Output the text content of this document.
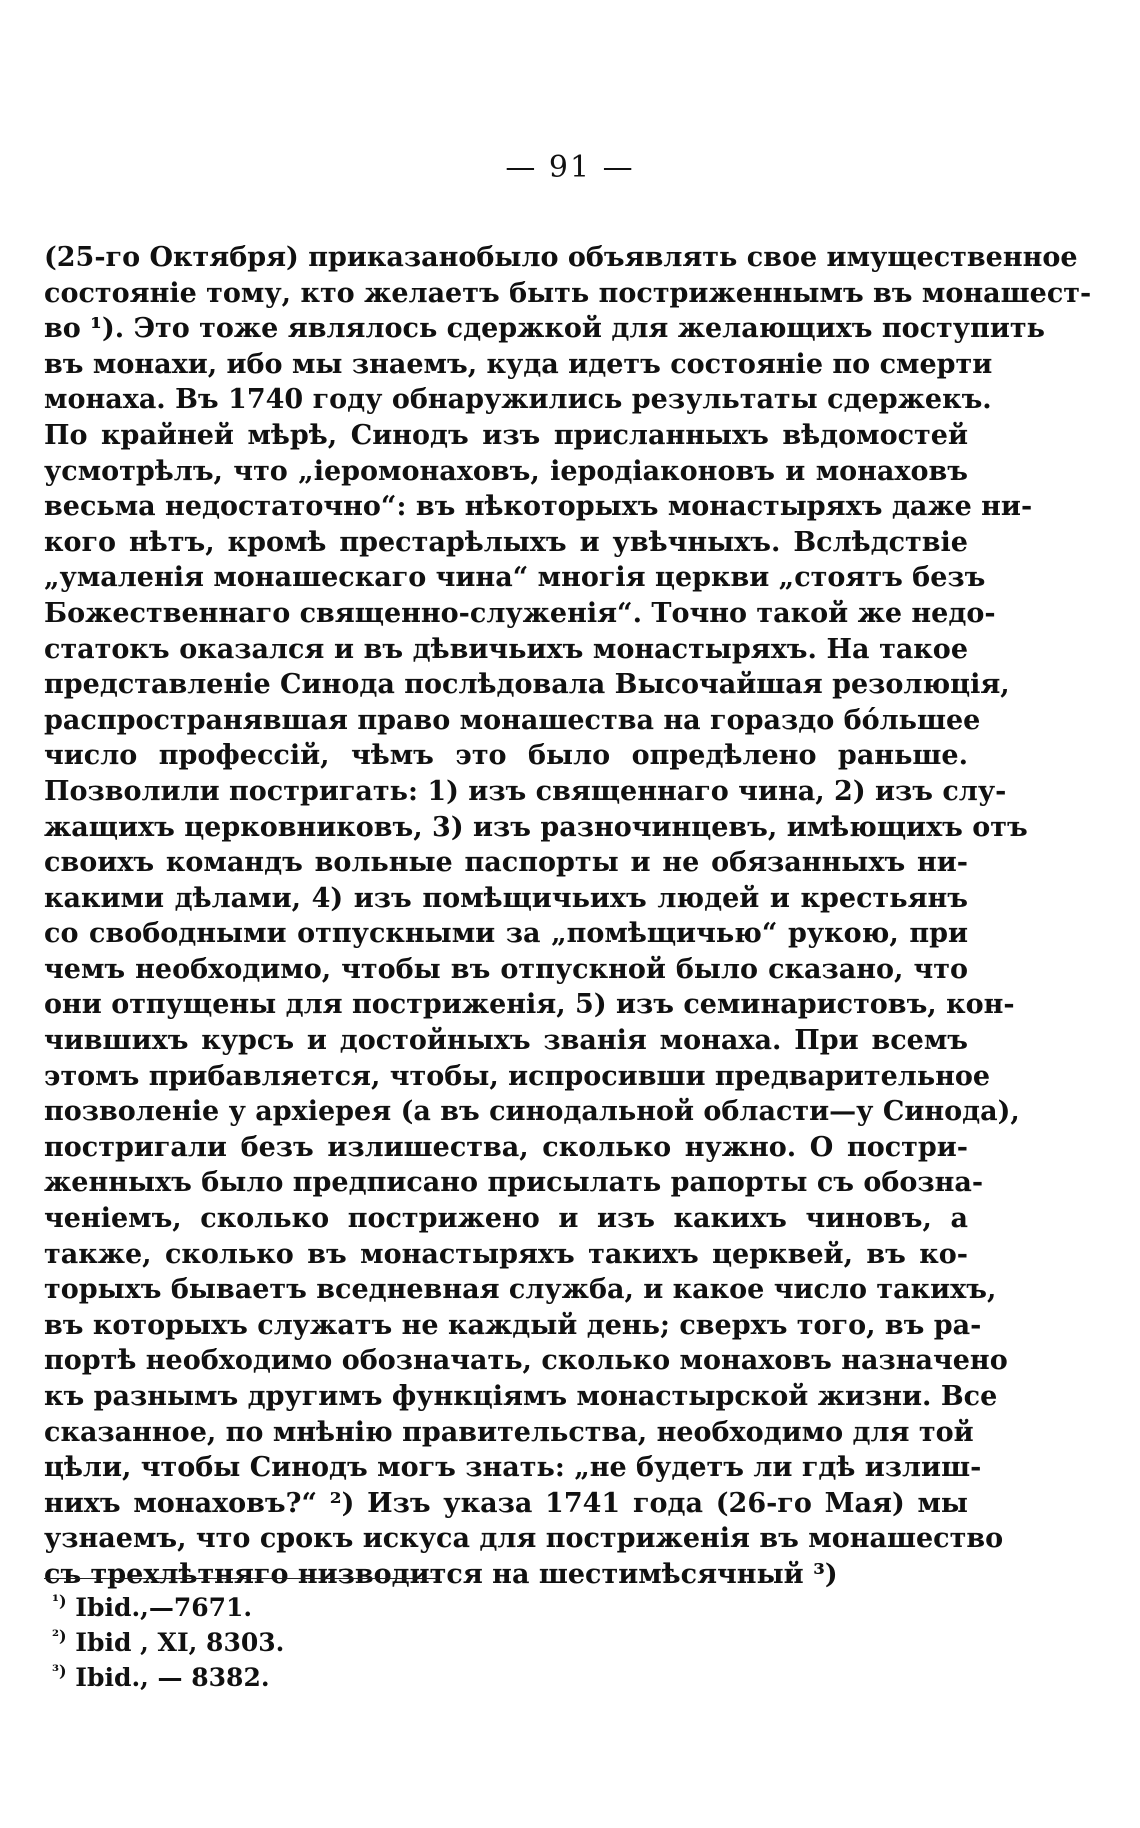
— 91 —
(25-го Октября) приказанобыло объявлять свое имущественное
состояніе тому, кто желаетъ быть постриженнымъ въ монашест-
во ¹). Это тоже являлось сдержкой для желающихъ поступить
въ монахи, ибо мы знаемъ, куда идетъ состояніе по смерти
монаха. Въ 1740 году обнаружились результаты сдержекъ.
По крайней мѣрѣ, Синодъ изъ присланныхъ вѣдомостей
усмотрѣлъ, что „іеромонаховъ, іеродіаконовъ и монаховъ
весьма недостаточно“: въ нѣкоторыхъ монастыряхъ даже ни-
кого нѣтъ, кромѣ престарѣлыхъ и увѣчныхъ. Вслѣдствіе
„умаленія монашескаго чина“ многія церкви „стоятъ безъ
Божественнаго священно-служенія“. Точно такой же недо-
статокъ оказался и въ дѣвичьихъ монастыряхъ. На такое
представленіе Синода послѣдовала Высочайшая резолюція,
распространявшая право монашества на гораздо бо́льшее
число профессій, чѣмъ это было опредѣлено раньше.
Позволили постригать: 1) изъ священнаго чина, 2) изъ слу-
жащихъ церковниковъ, 3) изъ разночинцевъ, имѣющихъ отъ
своихъ командъ вольные паспорты и не обязанныхъ ни-
какими дѣлами, 4) изъ помѣщичьихъ людей и крестьянъ
со свободными отпускными за „помѣщичью“ рукою, при
чемъ необходимо, чтобы въ отпускной было сказано, что
они отпущены для постриженія, 5) изъ семинаристовъ, кон-
чившихъ курсъ и достойныхъ званія монаха. При всемъ
этомъ прибавляется, чтобы, испросивши предварительное
позволеніе у архіерея (а въ синодальной области—у Синода),
постригали безъ излишества, сколько нужно. О постри-
женныхъ было предписано присылать рапорты съ обозна-
ченіемъ, сколько пострижено и изъ какихъ чиновъ, а
также, сколько въ монастыряхъ такихъ церквей, въ ко-
торыхъ бываетъ вседневная служба, и какое число такихъ,
въ которыхъ служатъ не каждый день; сверхъ того, въ ра-
портѣ необходимо обозначать, сколько монаховъ назначено
къ разнымъ другимъ функціямъ монастырской жизни. Все
сказанное, по мнѣнію правительства, необходимо для той
цѣли, чтобы Синодъ могъ знать: „не будетъ ли гдѣ излиш-
нихъ монаховъ?“ ²) Изъ указа 1741 года (26-го Мая) мы
узнаемъ, что срокъ искуса для постриженія въ монашество
съ трехлѣтняго низводится на шестимѣсячный ³)
$^{^1)}$ Ibid.,—7671.
$^{^2)}$ Ibid , XI, 8303.
$^{^3)}$ Ibid., — 8382.
